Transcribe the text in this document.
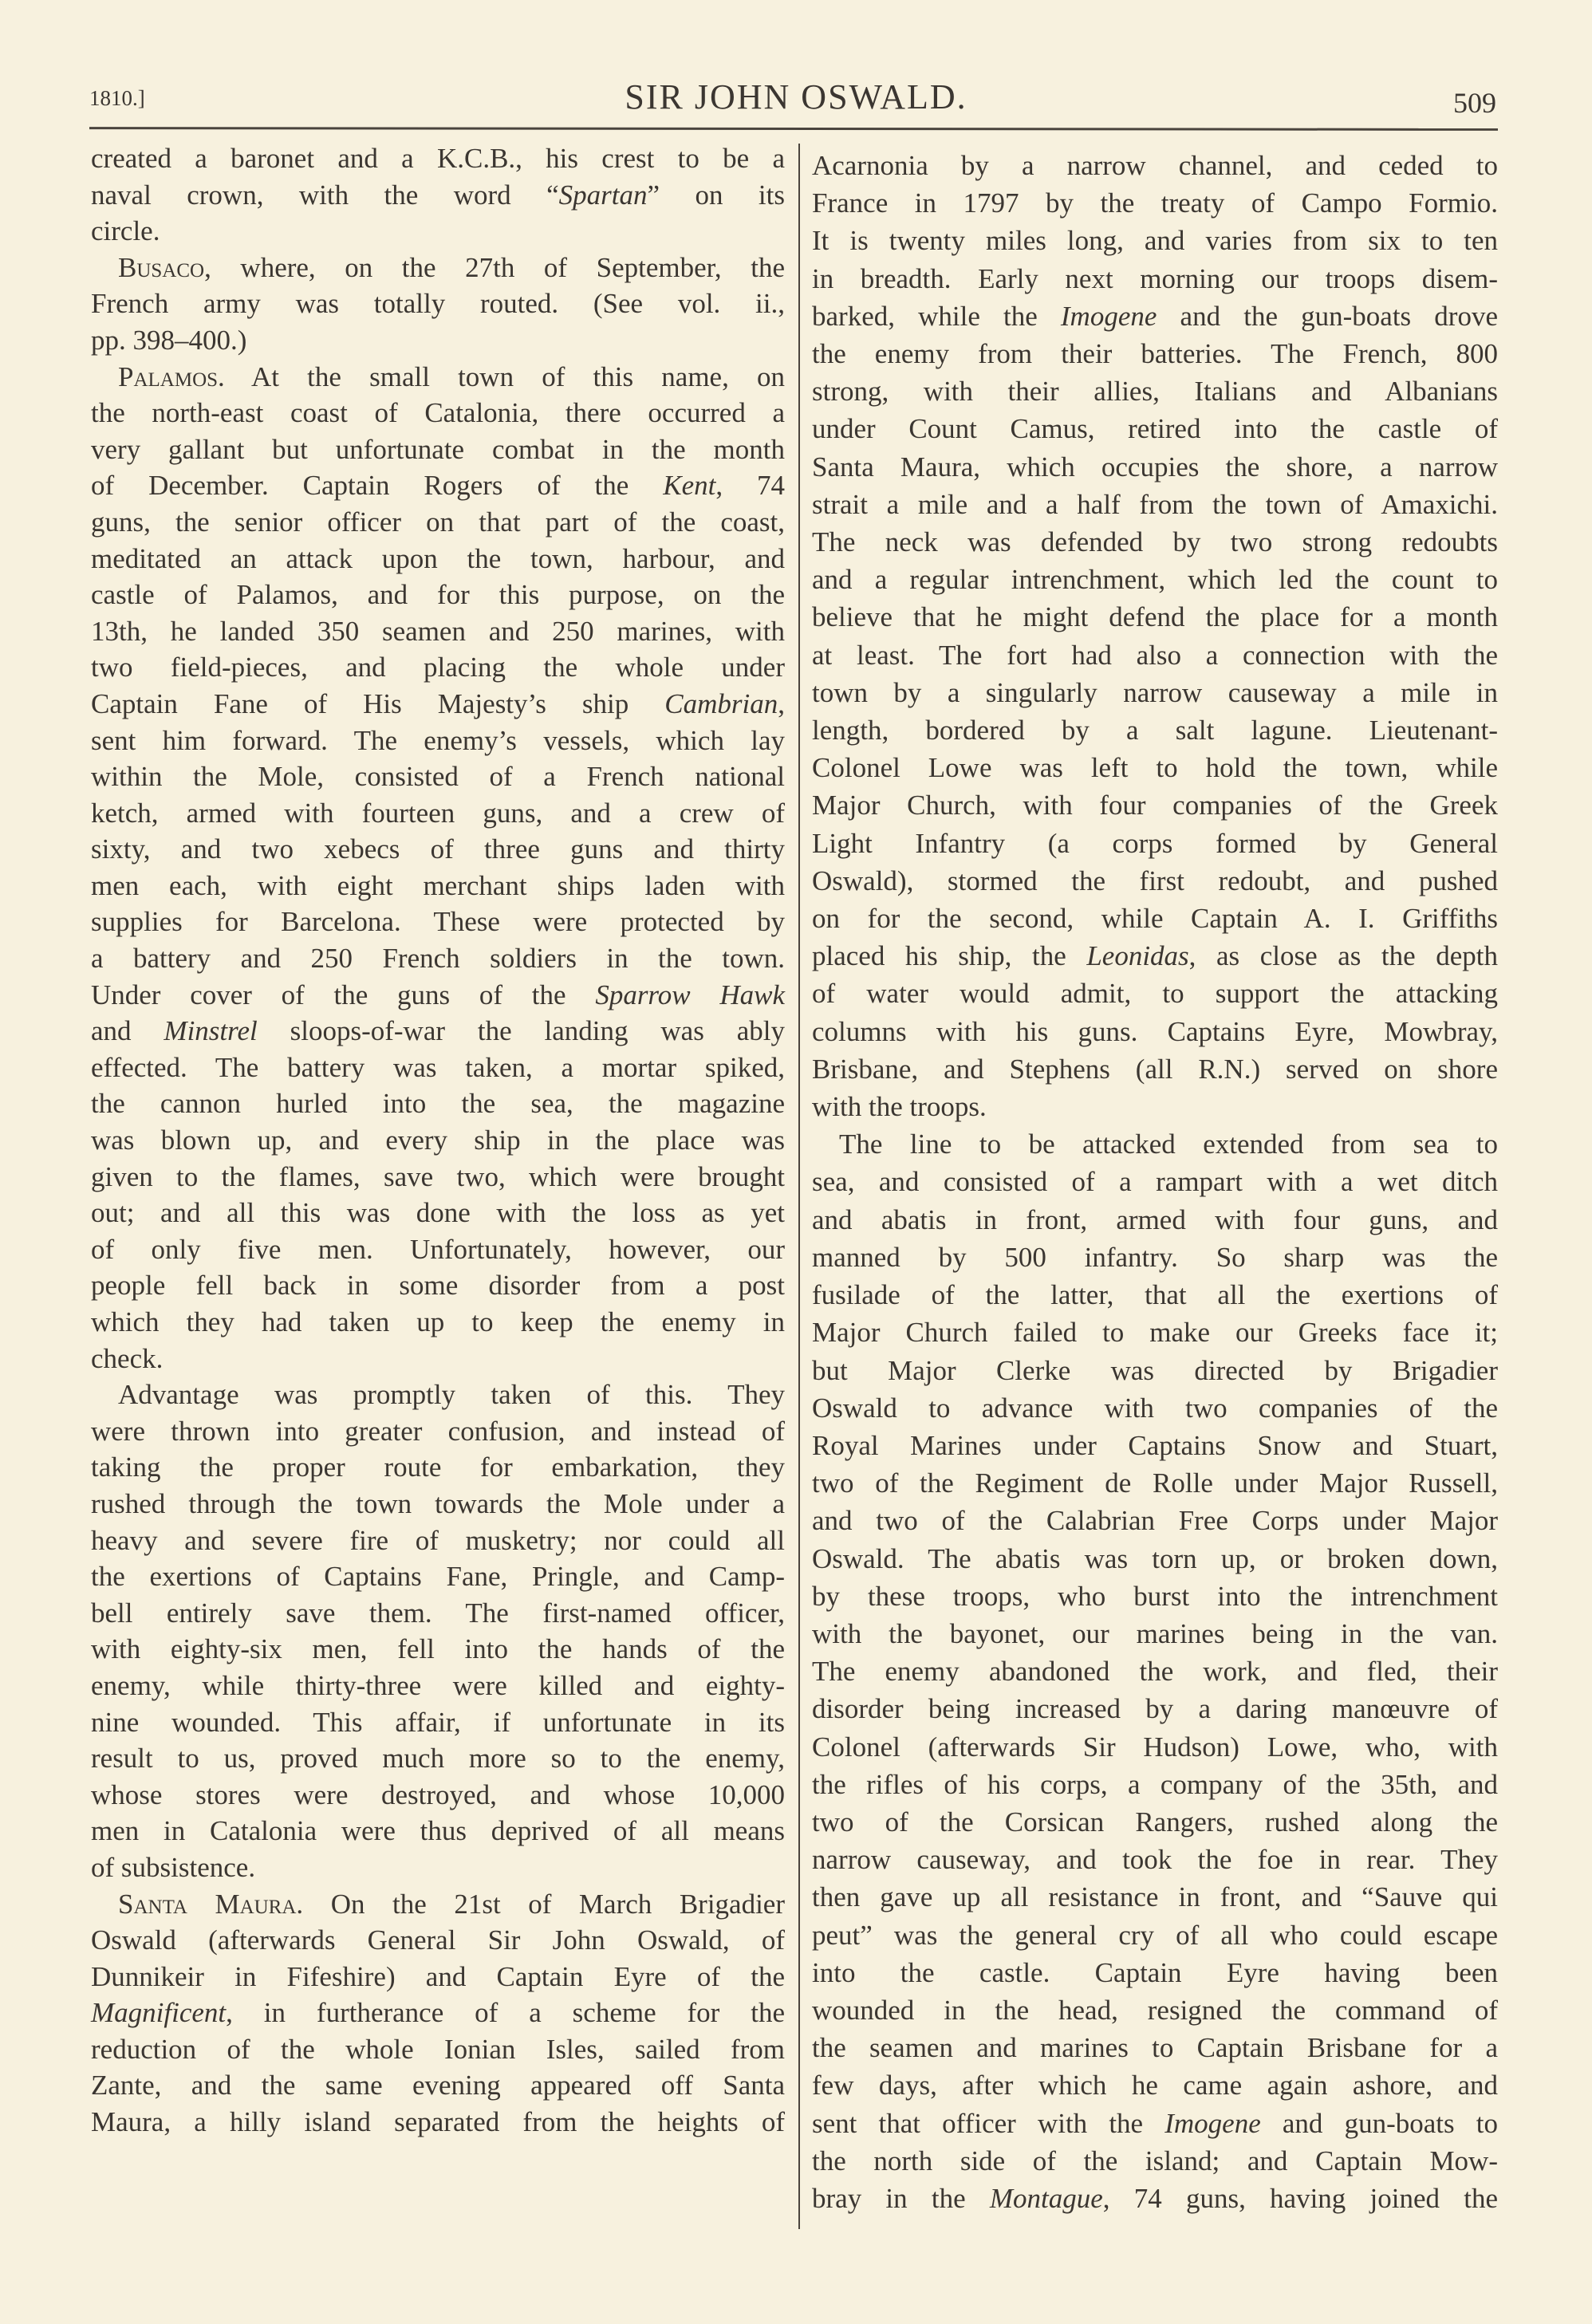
1810.]	SIR JOHN OSWALD.	509
created a baronet and a K.C.B., his crest to be a
naval crown, with the word “Spartan” on its
circle.
Busaco, where, on the 27th of September, the
French army was totally routed. (See vol. ii.,
pp. 398–400.)
Palamos. At the small town of this name, on
the north-east coast of Catalonia, there occurred a
very gallant but unfortunate combat in the month
of December. Captain Rogers of the Kent, 74
guns, the senior officer on that part of the coast,
meditated an attack upon the town, harbour, and
castle of Palamos, and for this purpose, on the
13th, he landed 350 seamen and 250 marines, with
two field-pieces, and placing the whole under
Captain Fane of His Majesty’s ship Cambrian,
sent him forward. The enemy’s vessels, which lay
within the Mole, consisted of a French national
ketch, armed with fourteen guns, and a crew of
sixty, and two xebecs of three guns and thirty
men each, with eight merchant ships laden with
supplies for Barcelona. These were protected by
a battery and 250 French soldiers in the town.
Under cover of the guns of the Sparrow Hawk
and Minstrel sloops-of-war the landing was ably
effected. The battery was taken, a mortar spiked,
the cannon hurled into the sea, the magazine
was blown up, and every ship in the place was
given to the flames, save two, which were brought
out; and all this was done with the loss as yet
of only five men. Unfortunately, however, our
people fell back in some disorder from a post
which they had taken up to keep the enemy in
check.
Advantage was promptly taken of this. They
were thrown into greater confusion, and instead of
taking the proper route for embarkation, they
rushed through the town towards the Mole under a
heavy and severe fire of musketry; nor could all
the exertions of Captains Fane, Pringle, and Camp-
bell entirely save them. The first-named officer,
with eighty-six men, fell into the hands of the
enemy, while thirty-three were killed and eighty-
nine wounded. This affair, if unfortunate in its
result to us, proved much more so to the enemy,
whose stores were destroyed, and whose 10,000
men in Catalonia were thus deprived of all means
of subsistence.
Santa Maura. On the 21st of March Brigadier
Oswald (afterwards General Sir John Oswald, of
Dunnikeir in Fifeshire) and Captain Eyre of the
Magnificent, in furtherance of a scheme for the
reduction of the whole Ionian Isles, sailed from
Zante, and the same evening appeared off Santa
Maura, a hilly island separated from the heights of
Acarnonia by a narrow channel, and ceded to
France in 1797 by the treaty of Campo Formio.
It is twenty miles long, and varies from six to ten
in breadth. Early next morning our troops disem-
barked, while the Imogene and the gun-boats drove
the enemy from their batteries. The French, 800
strong, with their allies, Italians and Albanians
under Count Camus, retired into the castle of
Santa Maura, which occupies the shore, a narrow
strait a mile and a half from the town of Amaxichi.
The neck was defended by two strong redoubts
and a regular intrenchment, which led the count to
believe that he might defend the place for a month
at least. The fort had also a connection with the
town by a singularly narrow causeway a mile in
length, bordered by a salt lagune. Lieutenant-
Colonel Lowe was left to hold the town, while
Major Church, with four companies of the Greek
Light Infantry (a corps formed by General
Oswald), stormed the first redoubt, and pushed
on for the second, while Captain A. I. Griffiths
placed his ship, the Leonidas, as close as the depth
of water would admit, to support the attacking
columns with his guns. Captains Eyre, Mowbray,
Brisbane, and Stephens (all R.N.) served on shore
with the troops.
The line to be attacked extended from sea to
sea, and consisted of a rampart with a wet ditch
and abatis in front, armed with four guns, and
manned by 500 infantry. So sharp was the
fusilade of the latter, that all the exertions of
Major Church failed to make our Greeks face it;
but Major Clerke was directed by Brigadier
Oswald to advance with two companies of the
Royal Marines under Captains Snow and Stuart,
two of the Regiment de Rolle under Major Russell,
and two of the Calabrian Free Corps under Major
Oswald. The abatis was torn up, or broken down,
by these troops, who burst into the intrenchment
with the bayonet, our marines being in the van.
The enemy abandoned the work, and fled, their
disorder being increased by a daring manœuvre of
Colonel (afterwards Sir Hudson) Lowe, who, with
the rifles of his corps, a company of the 35th, and
two of the Corsican Rangers, rushed along the
narrow causeway, and took the foe in rear. They
then gave up all resistance in front, and “Sauve qui
peut” was the general cry of all who could escape
into the castle. Captain Eyre having been
wounded in the head, resigned the command of
the seamen and marines to Captain Brisbane for a
few days, after which he came again ashore, and
sent that officer with the Imogene and gun-boats to
the north side of the island; and Captain Mow-
bray in the Montague, 74 guns, having joined the
